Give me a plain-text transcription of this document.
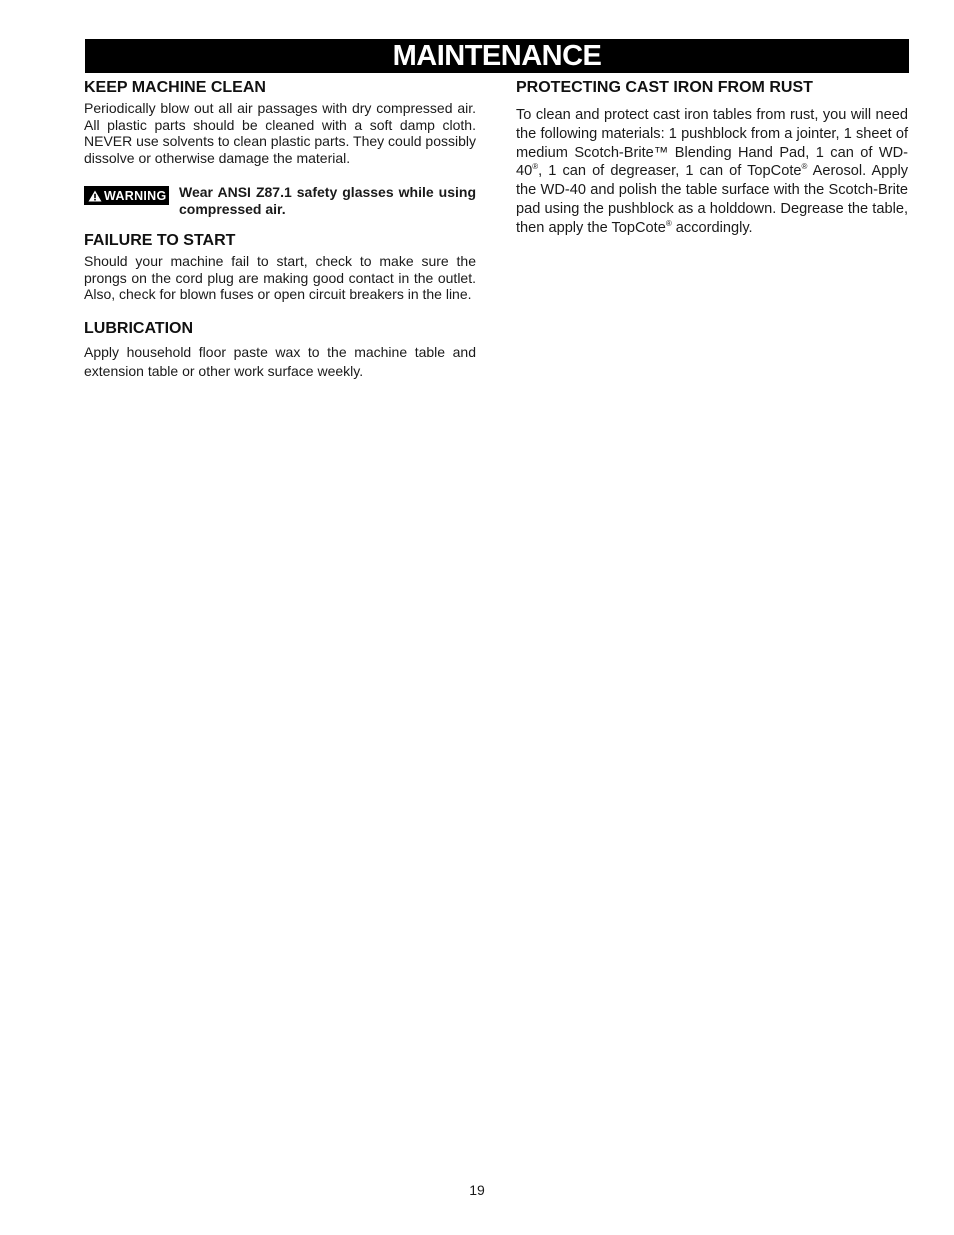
MAINTENANCE
KEEP MACHINE CLEAN

Periodically blow out all air passages with dry compressed air. All plastic parts should be cleaned with a soft damp cloth. NEVER use solvents to clean plastic parts. They could possibly dissolve or otherwise damage the material.

WARNING Wear ANSI Z87.1 safety glasses while using compressed air.
FAILURE TO START

Should your machine fail to start, check to make sure the prongs on the cord plug are making good contact in the outlet. Also, check for blown fuses or open circuit breakers in the line.

LUBRICATION

Apply household floor paste wax to the machine table and extension table or other work surface weekly.

PROTECTING CAST IRON FROM RUST

To clean and protect cast iron tables from rust, you will need the following materials: 1 pushblock from a jointer, 1 sheet of medium Scotch-Brite™ Blending Hand Pad, 1 can of WD-40®, 1 can of degreaser, 1 can of TopCote® Aerosol. Apply the WD-40 and polish the table surface with the Scotch-Brite pad using the pushblock as a holddown. Degrease the table, then apply the TopCote® accordingly.

19
